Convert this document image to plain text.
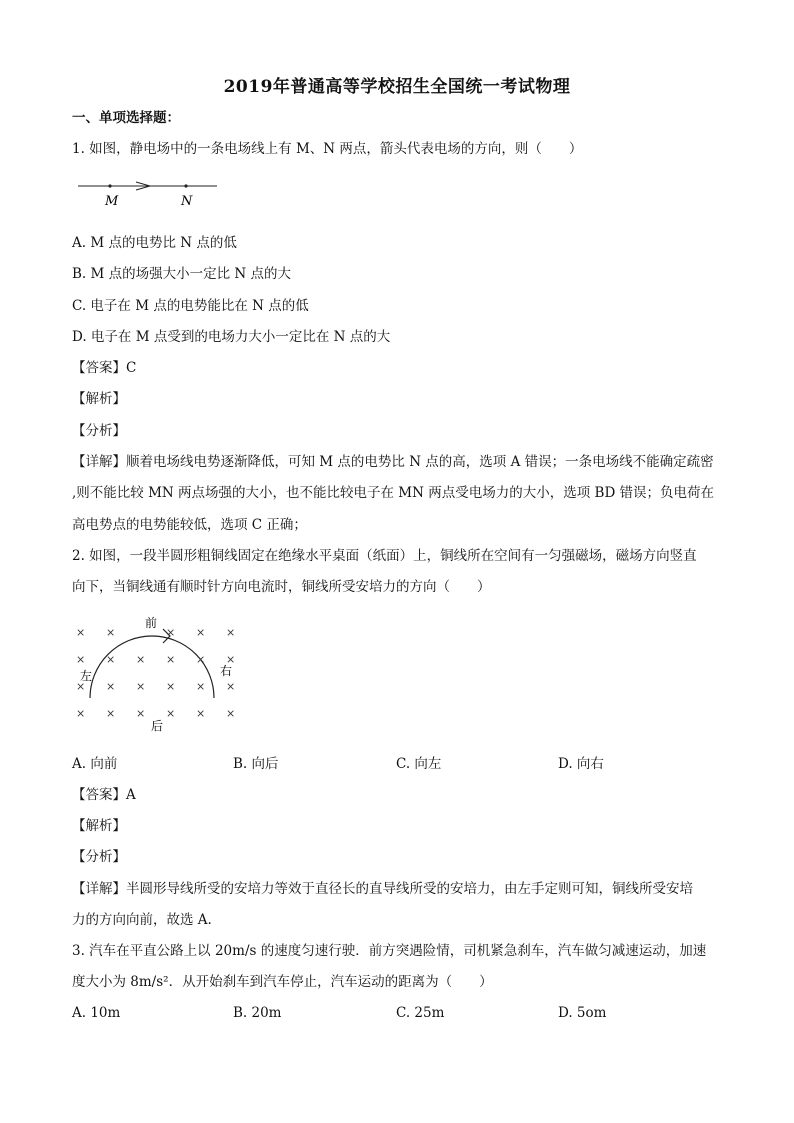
2019年普通高等学校招生全国统一考试物理
一、单项选择题：
1. 如图，静电场中的一条电场线上有 M、N 两点，箭头代表电场的方向，则（　　）
M	N
A. M 点的电势比 N 点的低
B. M 点的场强大小一定比 N 点的大
C. 电子在 M 点的电势能比在 N 点的低
D. 电子在 M 点受到的电场力大小一定比在 N 点的大
【答案】C
【解析】
【分析】
【详解】顺着电场线电势逐渐降低，可知 M 点的电势比 N 点的高，选项 A 错误；一条电场线不能确定疏密
,则不能比较 MN 两点场强的大小，也不能比较电子在 MN 两点受电场力的大小，选项 BD 错误；负电荷在
高电势点的电势能较低，选项 C 正确；
2. 如图，一段半圆形粗铜线固定在绝缘水平桌面（纸面）上，铜线所在空间有一匀强磁场，磁场方向竖直
向下，当铜线通有顺时针方向电流时，铜线所受安培力的方向（　　）
前
后
左	右
× ×	× × ×
× × × × × ×
× × × × × ×
× × × × × ×
A. 向前	B. 向后	C. 向左	D. 向右
【答案】A
【解析】
【分析】
【详解】半圆形导线所受的安培力等效于直径长的直导线所受的安培力，由左手定则可知，铜线所受安培
力的方向向前，故选 A.
3. 汽车在平直公路上以 20m/s 的速度匀速行驶．前方突遇险情，司机紧急刹车，汽车做匀减速运动，加速
度大小为 8m/s²．从开始刹车到汽车停止，汽车运动的距离为（　　）
A. 10m	B. 20m	C. 25m	D. 5om
